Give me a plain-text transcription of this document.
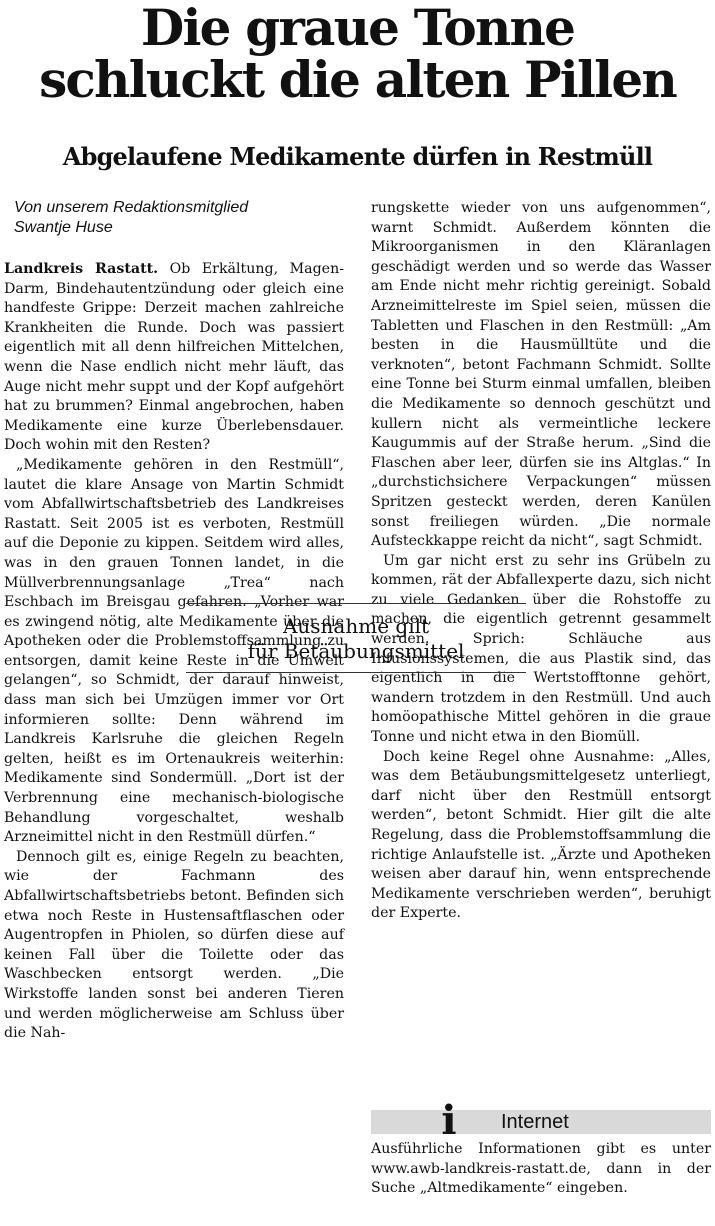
Die graue Tonne
schluckt die alten Pillen
Abgelaufene Medikamente dürfen in Restmüll
Von unserem Redaktionsmitglied
Swantje Huse

Landkreis Rastatt. Ob Erkältung, Magen-Darm, Bindehautentzündung oder gleich eine handfeste Grippe: Derzeit machen zahlreiche Krankheiten die Runde. Doch was passiert eigentlich mit all denn hilfreichen Mittelchen, wenn die Nase endlich nicht mehr läuft, das Auge nicht mehr suppt und der Kopf aufgehört hat zu brummen? Einmal angebrochen, haben Medikamente eine kurze Überlebensdauer. Doch wohin mit den Resten?

„Medikamente gehören in den Restmüll“, lautet die klare Ansage von Martin Schmidt vom Abfallwirtschaftsbetrieb des Landkreises Rastatt. Seit 2005 ist es verboten, Restmüll auf die Deponie zu kippen. Seitdem wird alles, was in den grauen Tonnen landet, in die Müllverbrennungsanlage „Trea“ nach Eschbach im Breisgau gefahren. „Vorher war es zwingend nötig, alte Medikamente über die Apotheken oder die Problemstoffsammlung zu entsorgen, damit keine Reste in die Umwelt gelangen“, so Schmidt, der darauf hinweist, dass man sich bei Umzügen immer vor Ort informieren sollte: Denn während im Landkreis Karlsruhe die gleichen Regeln gelten, heißt es im Ortenaukreis weiterhin: Medikamente sind Sondermüll. „Dort ist der Verbrennung eine mechanisch-biologische Behandlung vorgeschaltet, weshalb Arzneimittel nicht in den Restmüll dürfen.“

Dennoch gilt es, einige Regeln zu beachten, wie der Fachmann des Abfallwirtschaftsbetriebs betont. Befinden sich etwa noch Reste in Hustensaftflaschen oder Augentropfen in Phiolen, so dürfen diese auf keinen Fall über die Toilette oder das Waschbecken entsorgt werden. „Die Wirkstoffe landen sonst bei anderen Tieren und werden möglicherweise am Schluss über die Nah-

rungskette wieder von uns aufgenommen“, warnt Schmidt. Außerdem könnten die Mikroorganismen in den Kläranlagen geschädigt werden und so werde das Wasser am Ende nicht mehr richtig gereinigt. Sobald Arzneimittelreste im Spiel seien, müssen die Tabletten und Flaschen in den Restmüll: „Am besten in die Hausmülltüte und die verknoten“, betont Fachmann Schmidt. Sollte eine Tonne bei Sturm einmal umfallen, bleiben die Medikamente so dennoch geschützt und kullern nicht als vermeintliche leckere Kaugummis auf der Straße herum. „Sind die Flaschen aber leer, dürfen sie ins Altglas.“ In „durchstichsichere Verpackungen“ müssen Spritzen gesteckt werden, deren Kanülen sonst freiliegen würden. „Die normale Aufsteckkappe reicht da nicht“, sagt Schmidt.

Um gar nicht erst zu sehr ins Grübeln zu kommen, rät der Abfallexperte dazu, sich nicht zu viele Gedanken über die Rohstoffe zu machen, die eigentlich getrennt gesammelt werden. Sprich: Schläuche aus Infusionssystemen, die aus Plastik sind, das eigentlich in die Wertstofftonne gehört, wandern trotzdem in den Restmüll. Und auch homöopathische Mittel gehören in die graue Tonne und nicht etwa in den Biomüll.

Doch keine Regel ohne Ausnahme: „Alles, was dem Betäubungsmittelgesetz unterliegt, darf nicht über den Restmüll entsorgt werden“, betont Schmidt. Hier gilt die alte Regelung, dass die Problemstoffsammlung die richtige Anlaufstelle ist. „Ärzte und Apotheken weisen aber darauf hin, wenn entsprechende Medikamente verschrieben werden“, beruhigt der Experte.

Ausnahme gilt
für Betäubungsmittel
i	Internet
Ausführliche Informationen gibt es unter www.awb-landkreis-rastatt.de, dann in der Suche „Altmedikamente“ eingeben.
